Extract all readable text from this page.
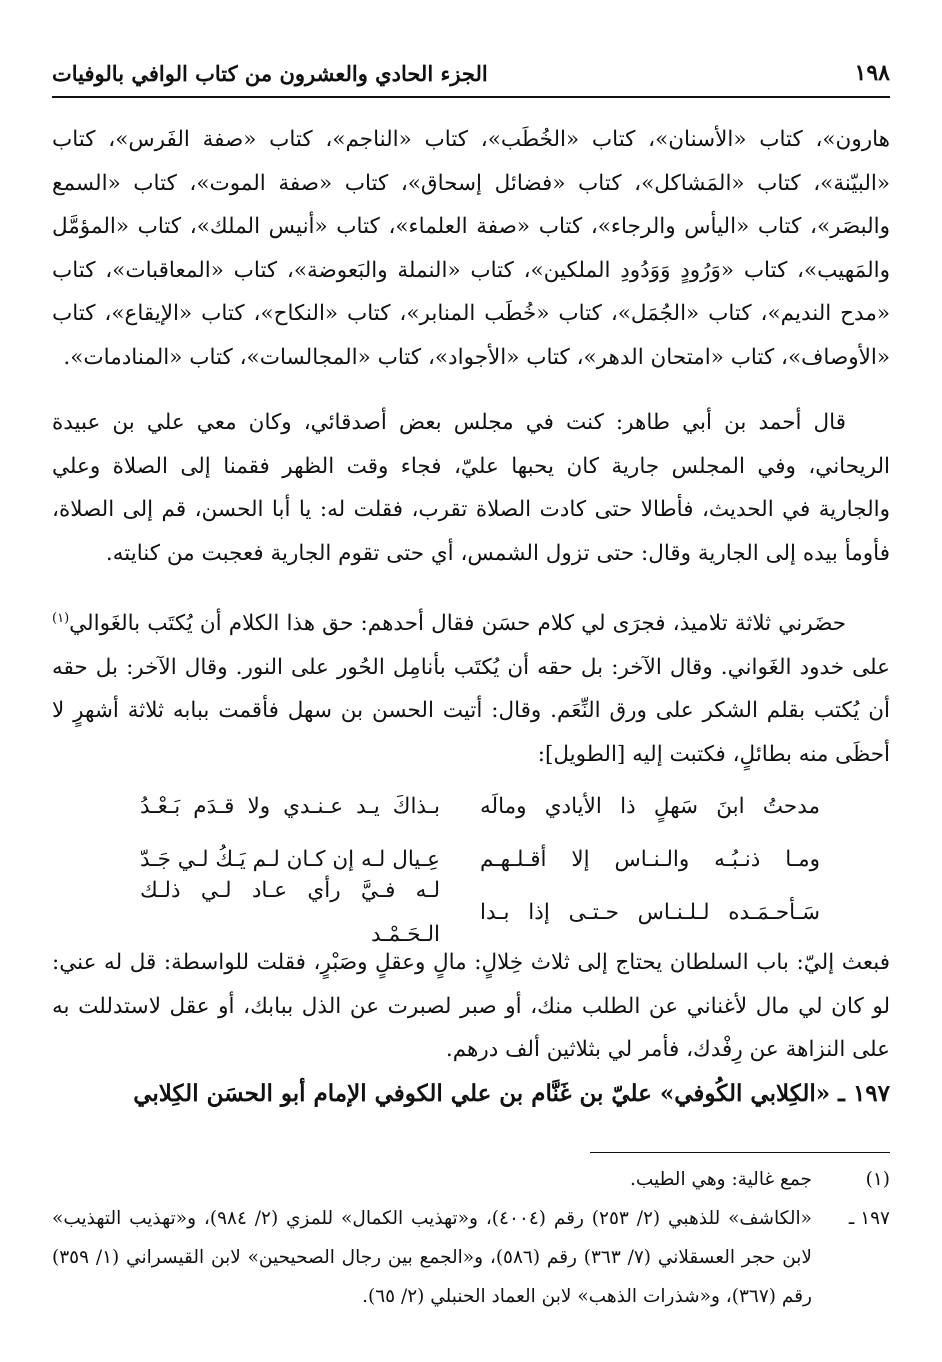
١٩٨
الجزء الحادي والعشرون من كتاب الوافي بالوفيات

هارون»، كتاب «الأسنان»، كتاب «الخُطَب»، كتاب «الناجم»، كتاب «صفة الفَرس»، كتاب «البيّنة»، كتاب «المَشاكل»، كتاب «فضائل إسحاق»، كتاب «صفة الموت»، كتاب «السمع والبصَر»، كتاب «اليأس والرجاء»، كتاب «صفة العلماء»، كتاب «أنيس الملك»، كتاب «المؤمَّل والمَهيب»، كتاب «وَرُودٍ وَوَدُودِ الملكين»، كتاب «النملة والبَعوضة»، كتاب «المعاقبات»، كتاب «مدح النديم»، كتاب «الجُمَل»، كتاب «خُطَب المنابر»، كتاب «النكاح»، كتاب «الإيقاع»، كتاب «الأوصاف»، كتاب «امتحان الدهر»، كتاب «الأجواد»، كتاب «المجالسات»، كتاب «المنادمات».

قال أحمد بن أبي طاهر: كنت في مجلس بعض أصدقائي، وكان معي علي بن عبيدة الريحاني، وفي المجلس جارية كان يحبها عليّ، فجاء وقت الظهر فقمنا إلى الصلاة وعلي والجارية في الحديث، فأطالا حتى كادت الصلاة تقرب، فقلت له: يا أبا الحسن، قم إلى الصلاة، فأومأ بيده إلى الجارية وقال: حتى تزول الشمس، أي حتى تقوم الجارية فعجبت من كنايته.

حضَرني ثلاثة تلاميذ، فجرَى لي كلام حسَن فقال أحدهم: حق هذا الكلام أن يُكتَب بالغَوالي$^{(١)}$ على خدود الغَواني. وقال الآخر: بل حقه أن يُكتَب بأنامِل الحُور على النور. وقال الآخر: بل حقه أن يُكتب بقلم الشكر على ورق النِّعَم. وقال: أتيت الحسن بن سهل فأقمت ببابه ثلاثة أشهرٍ لا أحظَى منه بطائلٍ، فكتبت إليه [الطويل]:

مدحتُ ابنَ سَهلٍ ذا الأيادي ومالَه
بـذاكَ يـد عـنـدي ولا قـدَم بَـعْـدُ
ومـا ذنـبُـه والـنـاس إلا أقـلـهـم
عِـيال لـه إن كـان لـم يَـكُ لـي جَـدّ
سَـأحـمَـده لـلـنـاس حـتـى إذا بـدا
لـه فـيَّ رأي عـاد لـي ذلـك الـحَـمْـد

فبعث إليّ: باب السلطان يحتاج إلى ثلاث خِلالٍ: مالٍ وعقلٍ وصَبْرٍ، فقلت للواسطة: قل له عني: لو كان لي مال لأغناني عن الطلب منك، أو صبر لصبرت عن الذل ببابك، أو عقل لاستدللت به على النزاهة عن رِفْدك، فأمر لي بثلاثين ألف درهم.

١٩٧ ـ «الكِلابي الكُوفي» عليّ بن غَنَّام بن علي الكوفي الإمام أبو الحسَن الكِلابي

(١)
جمع غالية: وهي الطيب.
١٩٧ ـ
«الكاشف» للذهبي (٢/ ٢٥٣) رقم (٤٠٠٤)، و«تهذيب الكمال» للمزي (٢/ ٩٨٤)، و«تهذيب التهذيب» لابن حجر العسقلاني (٧/ ٣٦٣) رقم (٥٨٦)، و«الجمع بين رجال الصحيحين» لابن القيسراني (١/ ٣٥٩) رقم (٣٦٧)، و«شذرات الذهب» لابن العماد الحنبلي (٢/ ٦٥).
